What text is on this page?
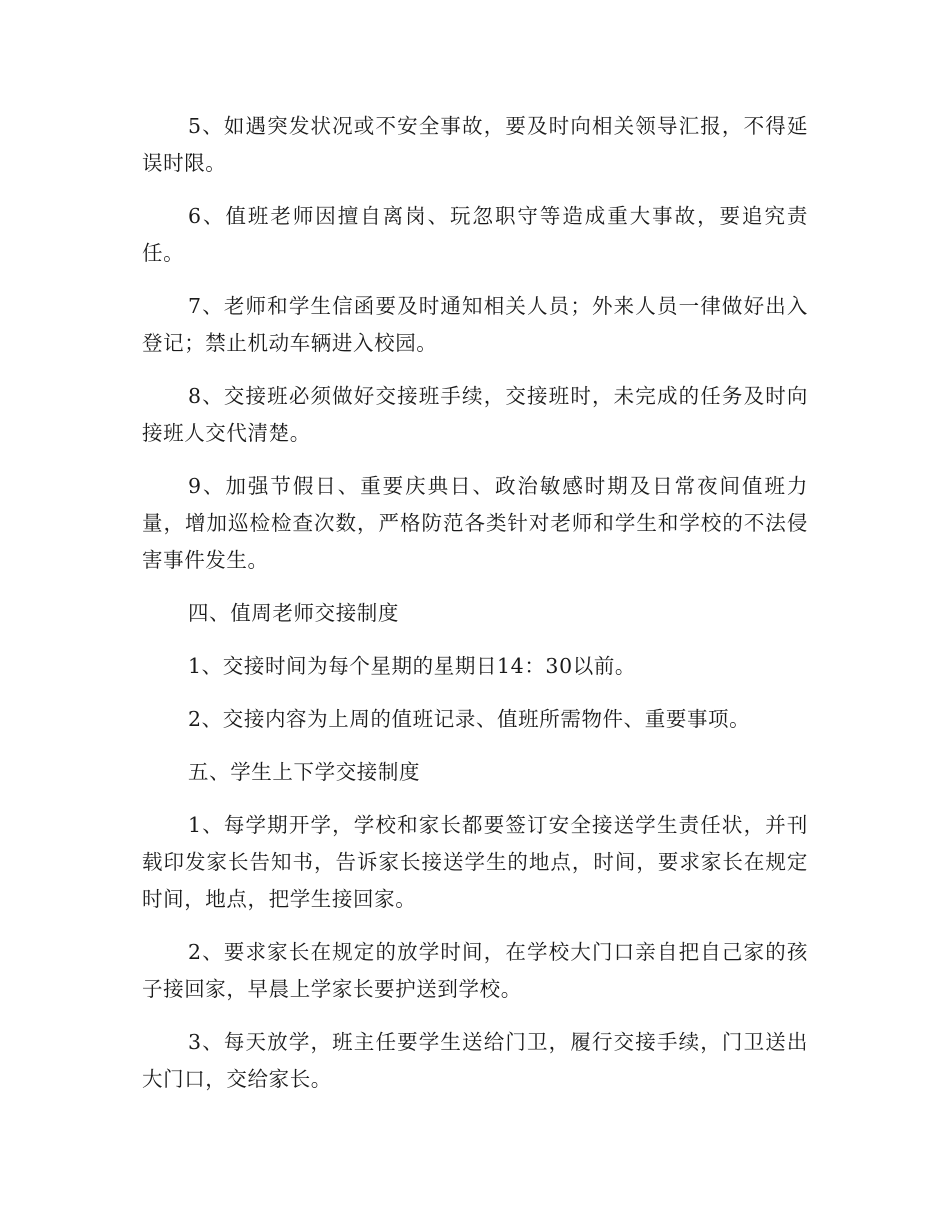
5、如遇突发状况或不安全事故，要及时向相关领导汇报，不得延误时限。

6、值班老师因擅自离岗、玩忽职守等造成重大事故，要追究责任。

7、老师和学生信函要及时通知相关人员；外来人员一律做好出入登记；禁止机动车辆进入校园。

8、交接班必须做好交接班手续，交接班时，未完成的任务及时向接班人交代清楚。

9、加强节假日、重要庆典日、政治敏感时期及日常夜间值班力量，增加巡检检查次数，严格防范各类针对老师和学生和学校的不法侵害事件发生。

四、值周老师交接制度

1、交接时间为每个星期的星期日14：30以前。

2、交接内容为上周的值班记录、值班所需物件、重要事项。

五、学生上下学交接制度

1、每学期开学，学校和家长都要签订安全接送学生责任状，并刊载印发家长告知书，告诉家长接送学生的地点，时间，要求家长在规定时间，地点，把学生接回家。

2、要求家长在规定的放学时间，在学校大门口亲自把自己家的孩子接回家，早晨上学家长要护送到学校。

3、每天放学，班主任要学生送给门卫，履行交接手续，门卫送出大门口，交给家长。
